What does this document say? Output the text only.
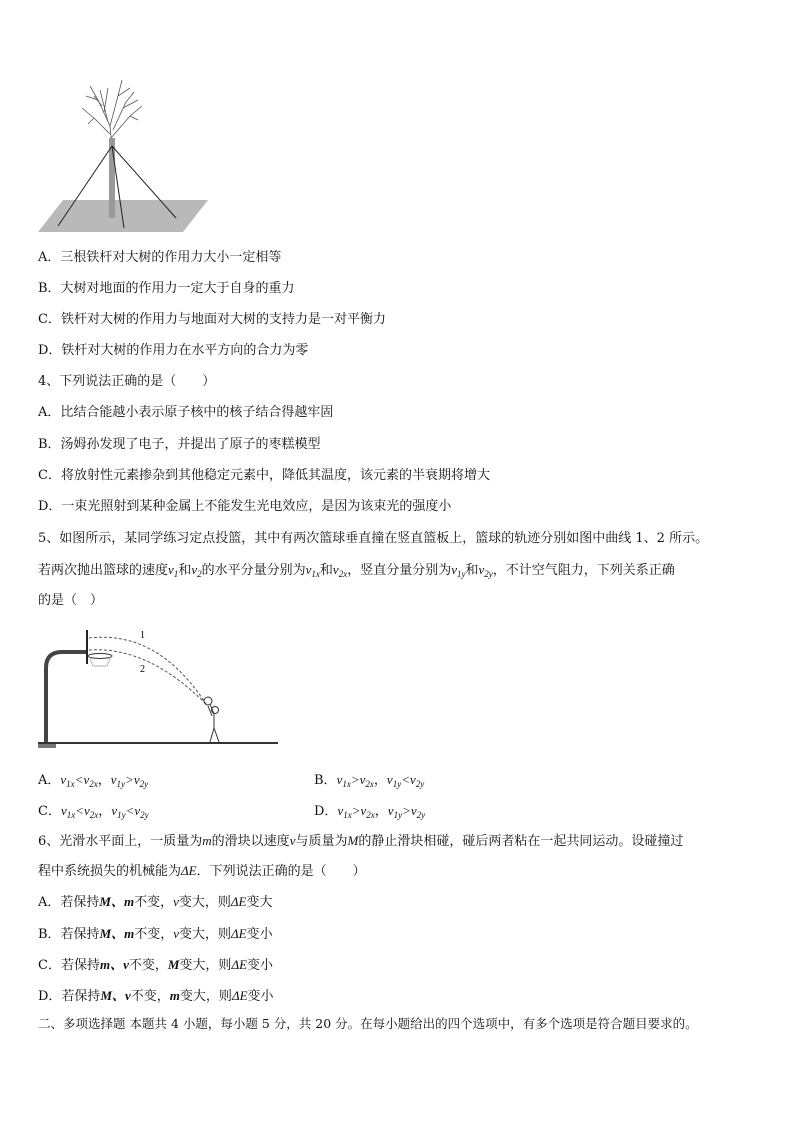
A．三根铁杆对大树的作用力大小一定相等
B．大树对地面的作用力一定大于自身的重力
C．铁杆对大树的作用力与地面对大树的支持力是一对平衡力
D．铁杆对大树的作用力在水平方向的合力为零
4、下列说法正确的是（　　）
A．比结合能越小表示原子核中的核子结合得越牢固
B．汤姆孙发现了电子，并提出了原子的枣糕模型
C．将放射性元素掺杂到其他稳定元素中，降低其温度，该元素的半衰期将增大
D．一束光照射到某种金属上不能发生光电效应，是因为该束光的强度小
5、如图所示，某同学练习定点投篮，其中有两次篮球垂直撞在竖直篮板上，篮球的轨迹分别如图中曲线 1、2 所示。
若两次抛出篮球的速度$v_1$和$v_2$的水平分量分别为$v_{1x}$和$v_{2x}$，竖直分量分别为$v_{1y}$和$v_{2y}$，不计空气阻力，下列关系正确
的是（　）
1
2
A．$v_{1x}<v_{2x}$，$v_{1y}>v_{2y}$	B．$v_{1x}>v_{2x}$，$v_{1y}<v_{2y}$
C．$v_{1x}<v_{2x}$，$v_{1y}<v_{2y}$	D．$v_{1x}>v_{2x}$，$v_{1y}>v_{2y}$
6、光滑水平面上，一质量为m的滑块以速度v与质量为M的静止滑块相碰，碰后两者粘在一起共同运动。设碰撞过
程中系统损失的机械能为ΔE．下列说法正确的是（　　）
A．若保持M、m不变，v变大，则ΔE变大
B．若保持M、m不变，v变大，则ΔE变小
C．若保持m、v不变，M变大，则ΔE变小
D．若保持M、v不变，m变大，则ΔE变小
二、多项选择题 本题共 4 小题，每小题 5 分，共 20 分。在每小题给出的四个选项中，有多个选项是符合题目要求的。
